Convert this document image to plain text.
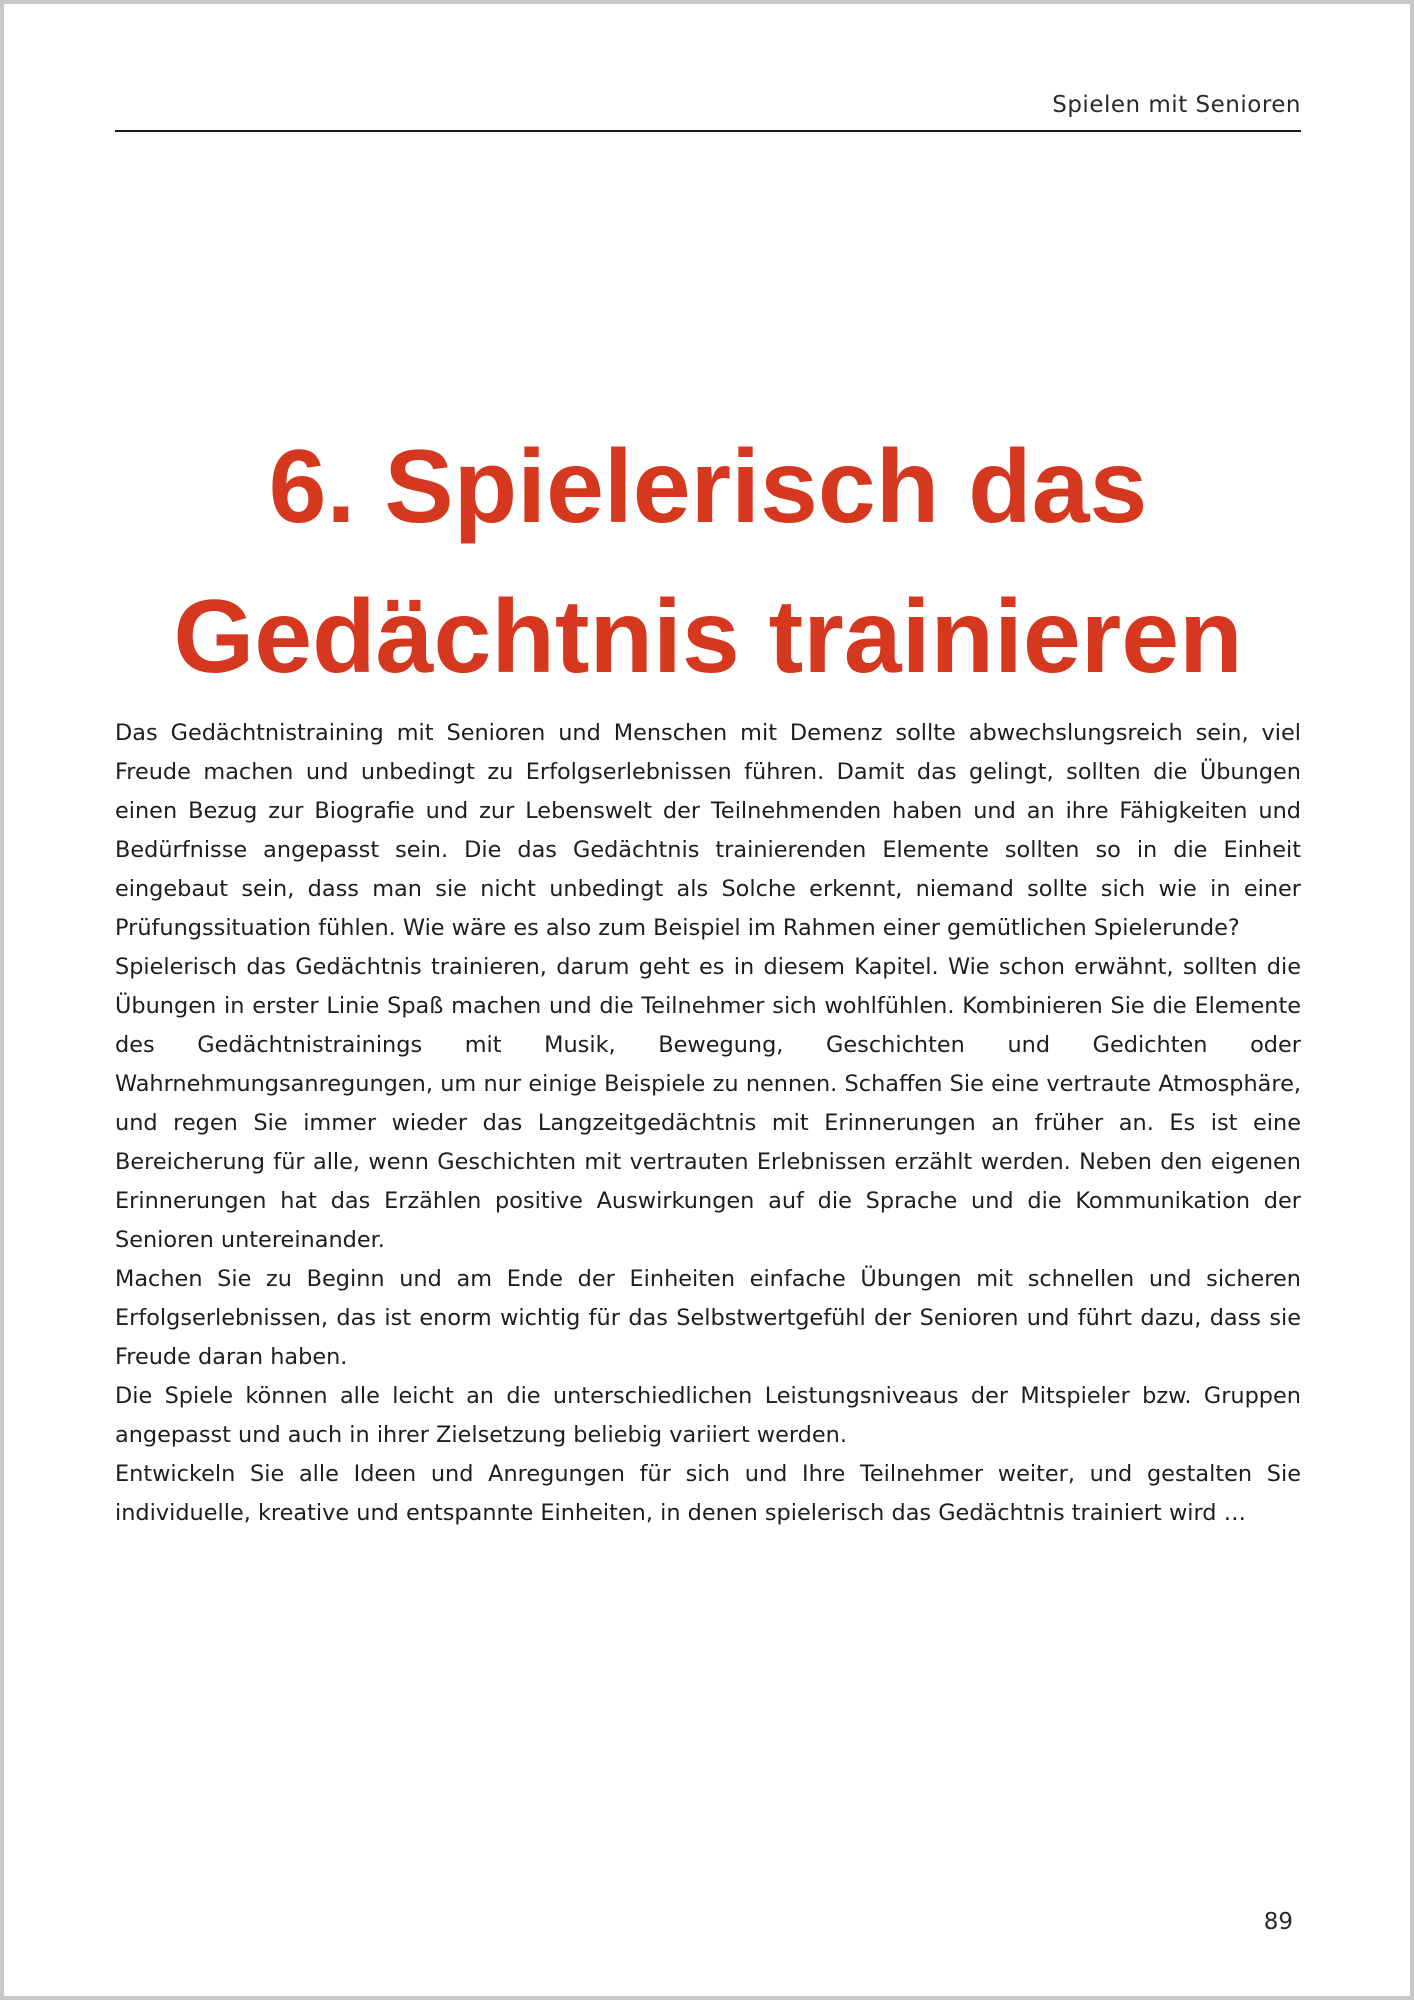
Spielen mit Senioren
6. Spielerisch das
Gedächtnis trainieren

Das Gedächtnistraining mit Senioren und Menschen mit Demenz sollte abwechslungsreich sein, viel Freude machen und unbedingt zu Erfolgserlebnissen führen. Damit das gelingt, sollten die Übungen einen Bezug zur Biografie und zur Lebenswelt der Teilnehmenden haben und an ihre Fähigkeiten und Bedürfnisse angepasst sein. Die das Gedächtnis trainierenden Elemente sollten so in die Einheit eingebaut sein, dass man sie nicht unbedingt als Solche erkennt, niemand sollte sich wie in einer Prüfungssituation fühlen. Wie wäre es also zum Beispiel im Rahmen einer gemütlichen Spielerunde?

Spielerisch das Gedächtnis trainieren, darum geht es in diesem Kapitel. Wie schon erwähnt, sollten die Übungen in erster Linie Spaß machen und die Teilnehmer sich wohlfühlen. Kombinieren Sie die Elemente des Gedächtnistrainings mit Musik, Bewegung, Geschichten und Gedichten oder Wahrnehmungsanregungen, um nur einige Beispiele zu nennen. Schaffen Sie eine vertraute Atmosphäre, und regen Sie immer wieder das Langzeitgedächtnis mit Erinnerungen an früher an. Es ist eine Bereicherung für alle, wenn Geschichten mit vertrauten Erlebnissen erzählt werden. Neben den eigenen Erinnerungen hat das Erzählen positive Auswirkungen auf die Sprache und die Kommunikation der Senioren untereinander.

Machen Sie zu Beginn und am Ende der Einheiten einfache Übungen mit schnellen und sicheren Erfolgserlebnissen, das ist enorm wichtig für das Selbstwertgefühl der Senioren und führt dazu, dass sie Freude daran haben.

Die Spiele können alle leicht an die unterschiedlichen Leistungsniveaus der Mitspieler bzw. Gruppen angepasst und auch in ihrer Zielsetzung beliebig variiert werden.

Entwickeln Sie alle Ideen und Anregungen für sich und Ihre Teilnehmer weiter, und gestalten Sie individuelle, kreative und entspannte Einheiten, in denen spielerisch das Gedächtnis trainiert wird …

89
